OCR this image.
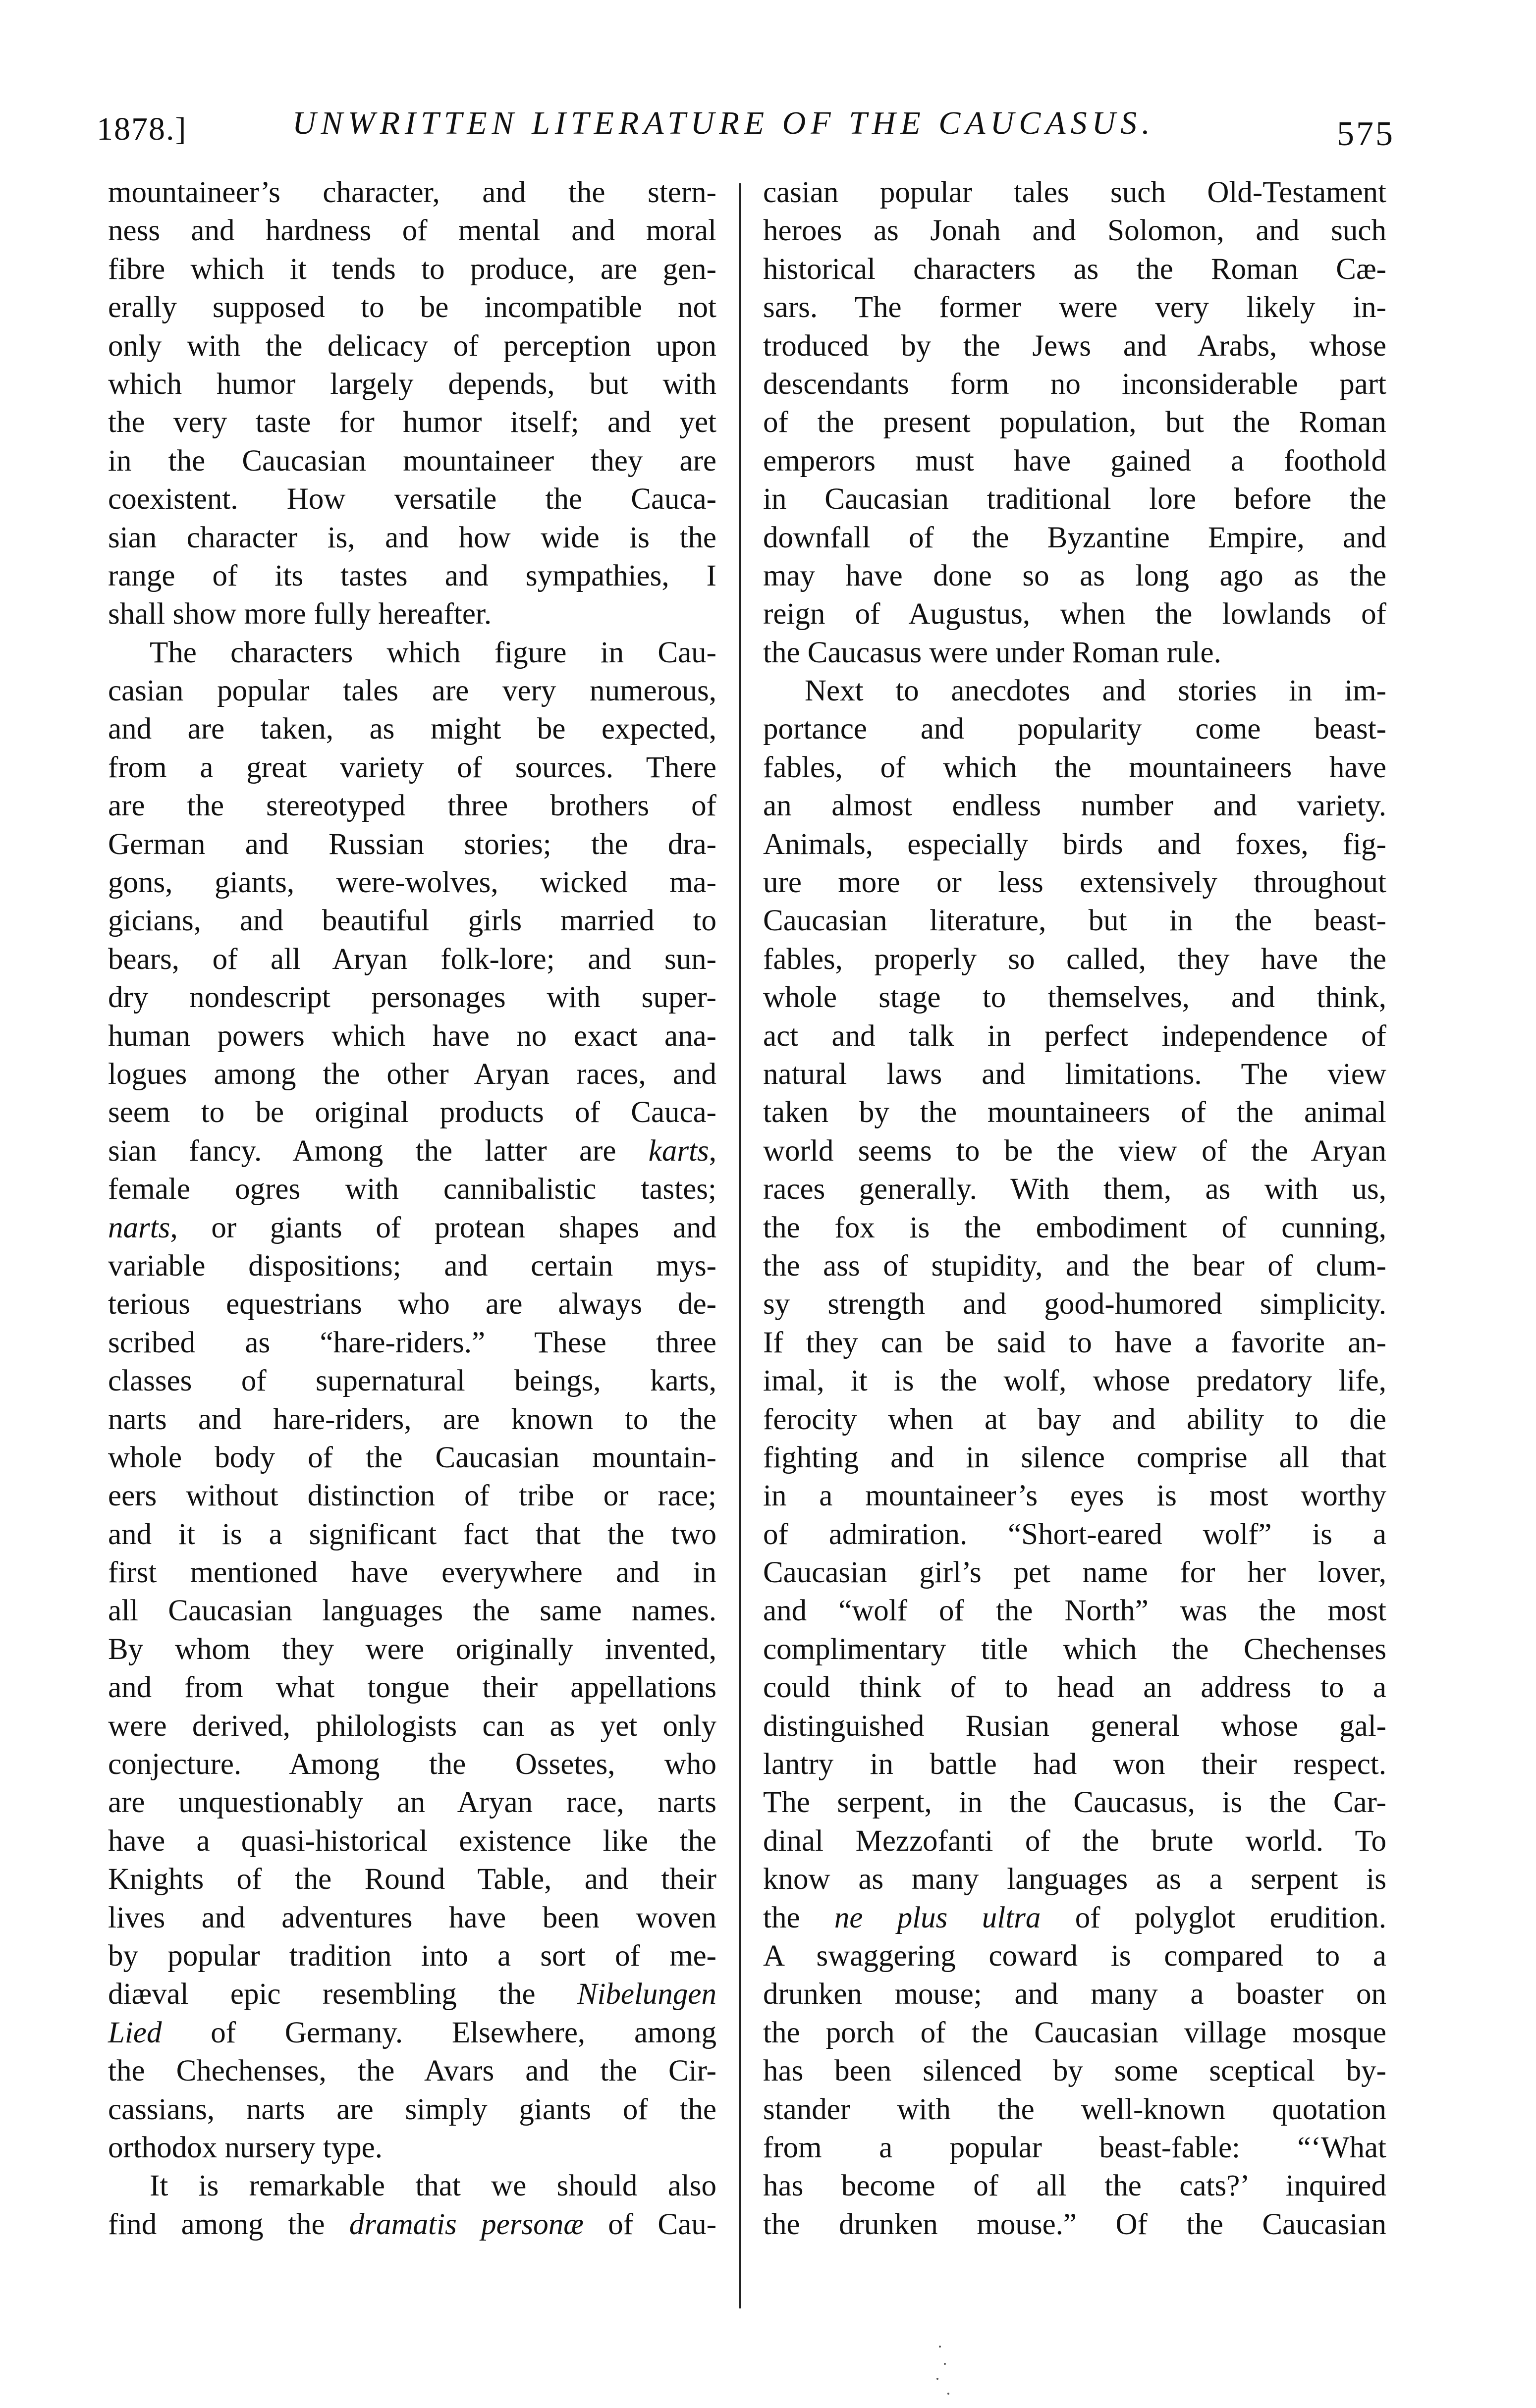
1878.]	UNWRITTEN LITERATURE OF THE CAUCASUS.	575
mountaineer’s character, and the stern-
ness and hardness of mental and moral
fibre which it tends to produce, are gen-
erally supposed to be incompatible not
only with the delicacy of perception upon
which humor largely depends, but with
the very taste for humor itself; and yet
in the Caucasian mountaineer they are
coexistent. How versatile the Cauca-
sian character is, and how wide is the
range of its tastes and sympathies, I
shall show more fully hereafter.
The characters which figure in Cau-
casian popular tales are very numerous,
and are taken, as might be expected,
from a great variety of sources. There
are the stereotyped three brothers of
German and Russian stories; the dra-
gons, giants, were-wolves, wicked ma-
gicians, and beautiful girls married to
bears, of all Aryan folk-lore; and sun-
dry nondescript personages with super-
human powers which have no exact ana-
logues among the other Aryan races, and
seem to be original products of Cauca-
sian fancy. Among the latter are karts,
female ogres with cannibalistic tastes;
narts, or giants of protean shapes and
variable dispositions; and certain mys-
terious equestrians who are always de-
scribed as “hare-riders.” These three
classes of supernatural beings, karts,
narts and hare-riders, are known to the
whole body of the Caucasian mountain-
eers without distinction of tribe or race;
and it is a significant fact that the two
first mentioned have everywhere and in
all Caucasian languages the same names.
By whom they were originally invented,
and from what tongue their appellations
were derived, philologists can as yet only
conjecture. Among the Ossetes, who
are unquestionably an Aryan race, narts
have a quasi-historical existence like the
Knights of the Round Table, and their
lives and adventures have been woven
by popular tradition into a sort of me-
diæval epic resembling the Nibelungen
Lied of Germany. Elsewhere, among
the Chechenses, the Avars and the Cir-
cassians, narts are simply giants of the
orthodox nursery type.
It is remarkable that we should also
find among the dramatis personæ of Cau-
casian popular tales such Old-Testament
heroes as Jonah and Solomon, and such
historical characters as the Roman Cæ-
sars. The former were very likely in-
troduced by the Jews and Arabs, whose
descendants form no inconsiderable part
of the present population, but the Roman
emperors must have gained a foothold
in Caucasian traditional lore before the
downfall of the Byzantine Empire, and
may have done so as long ago as the
reign of Augustus, when the lowlands of
the Caucasus were under Roman rule.
Next to anecdotes and stories in im-
portance and popularity come beast-
fables, of which the mountaineers have
an almost endless number and variety.
Animals, especially birds and foxes, fig-
ure more or less extensively throughout
Caucasian literature, but in the beast-
fables, properly so called, they have the
whole stage to themselves, and think,
act and talk in perfect independence of
natural laws and limitations. The view
taken by the mountaineers of the animal
world seems to be the view of the Aryan
races generally. With them, as with us,
the fox is the embodiment of cunning,
the ass of stupidity, and the bear of clum-
sy strength and good-humored simplicity.
If they can be said to have a favorite an-
imal, it is the wolf, whose predatory life,
ferocity when at bay and ability to die
fighting and in silence comprise all that
in a mountaineer’s eyes is most worthy
of admiration. “Short-eared wolf” is a
Caucasian girl’s pet name for her lover,
and “wolf of the North” was the most
complimentary title which the Chechenses
could think of to head an address to a
distinguished Rusian general whose gal-
lantry in battle had won their respect.
The serpent, in the Caucasus, is the Car-
dinal Mezzofanti of the brute world. To
know as many languages as a serpent is
the ne plus ultra of polyglot erudition.
A swaggering coward is compared to a
drunken mouse; and many a boaster on
the porch of the Caucasian village mosque
has been silenced by some sceptical by-
stander with the well-known quotation
from a popular beast-fable: “‘What
has become of all the cats?’ inquired
the drunken mouse.” Of the Caucasian
